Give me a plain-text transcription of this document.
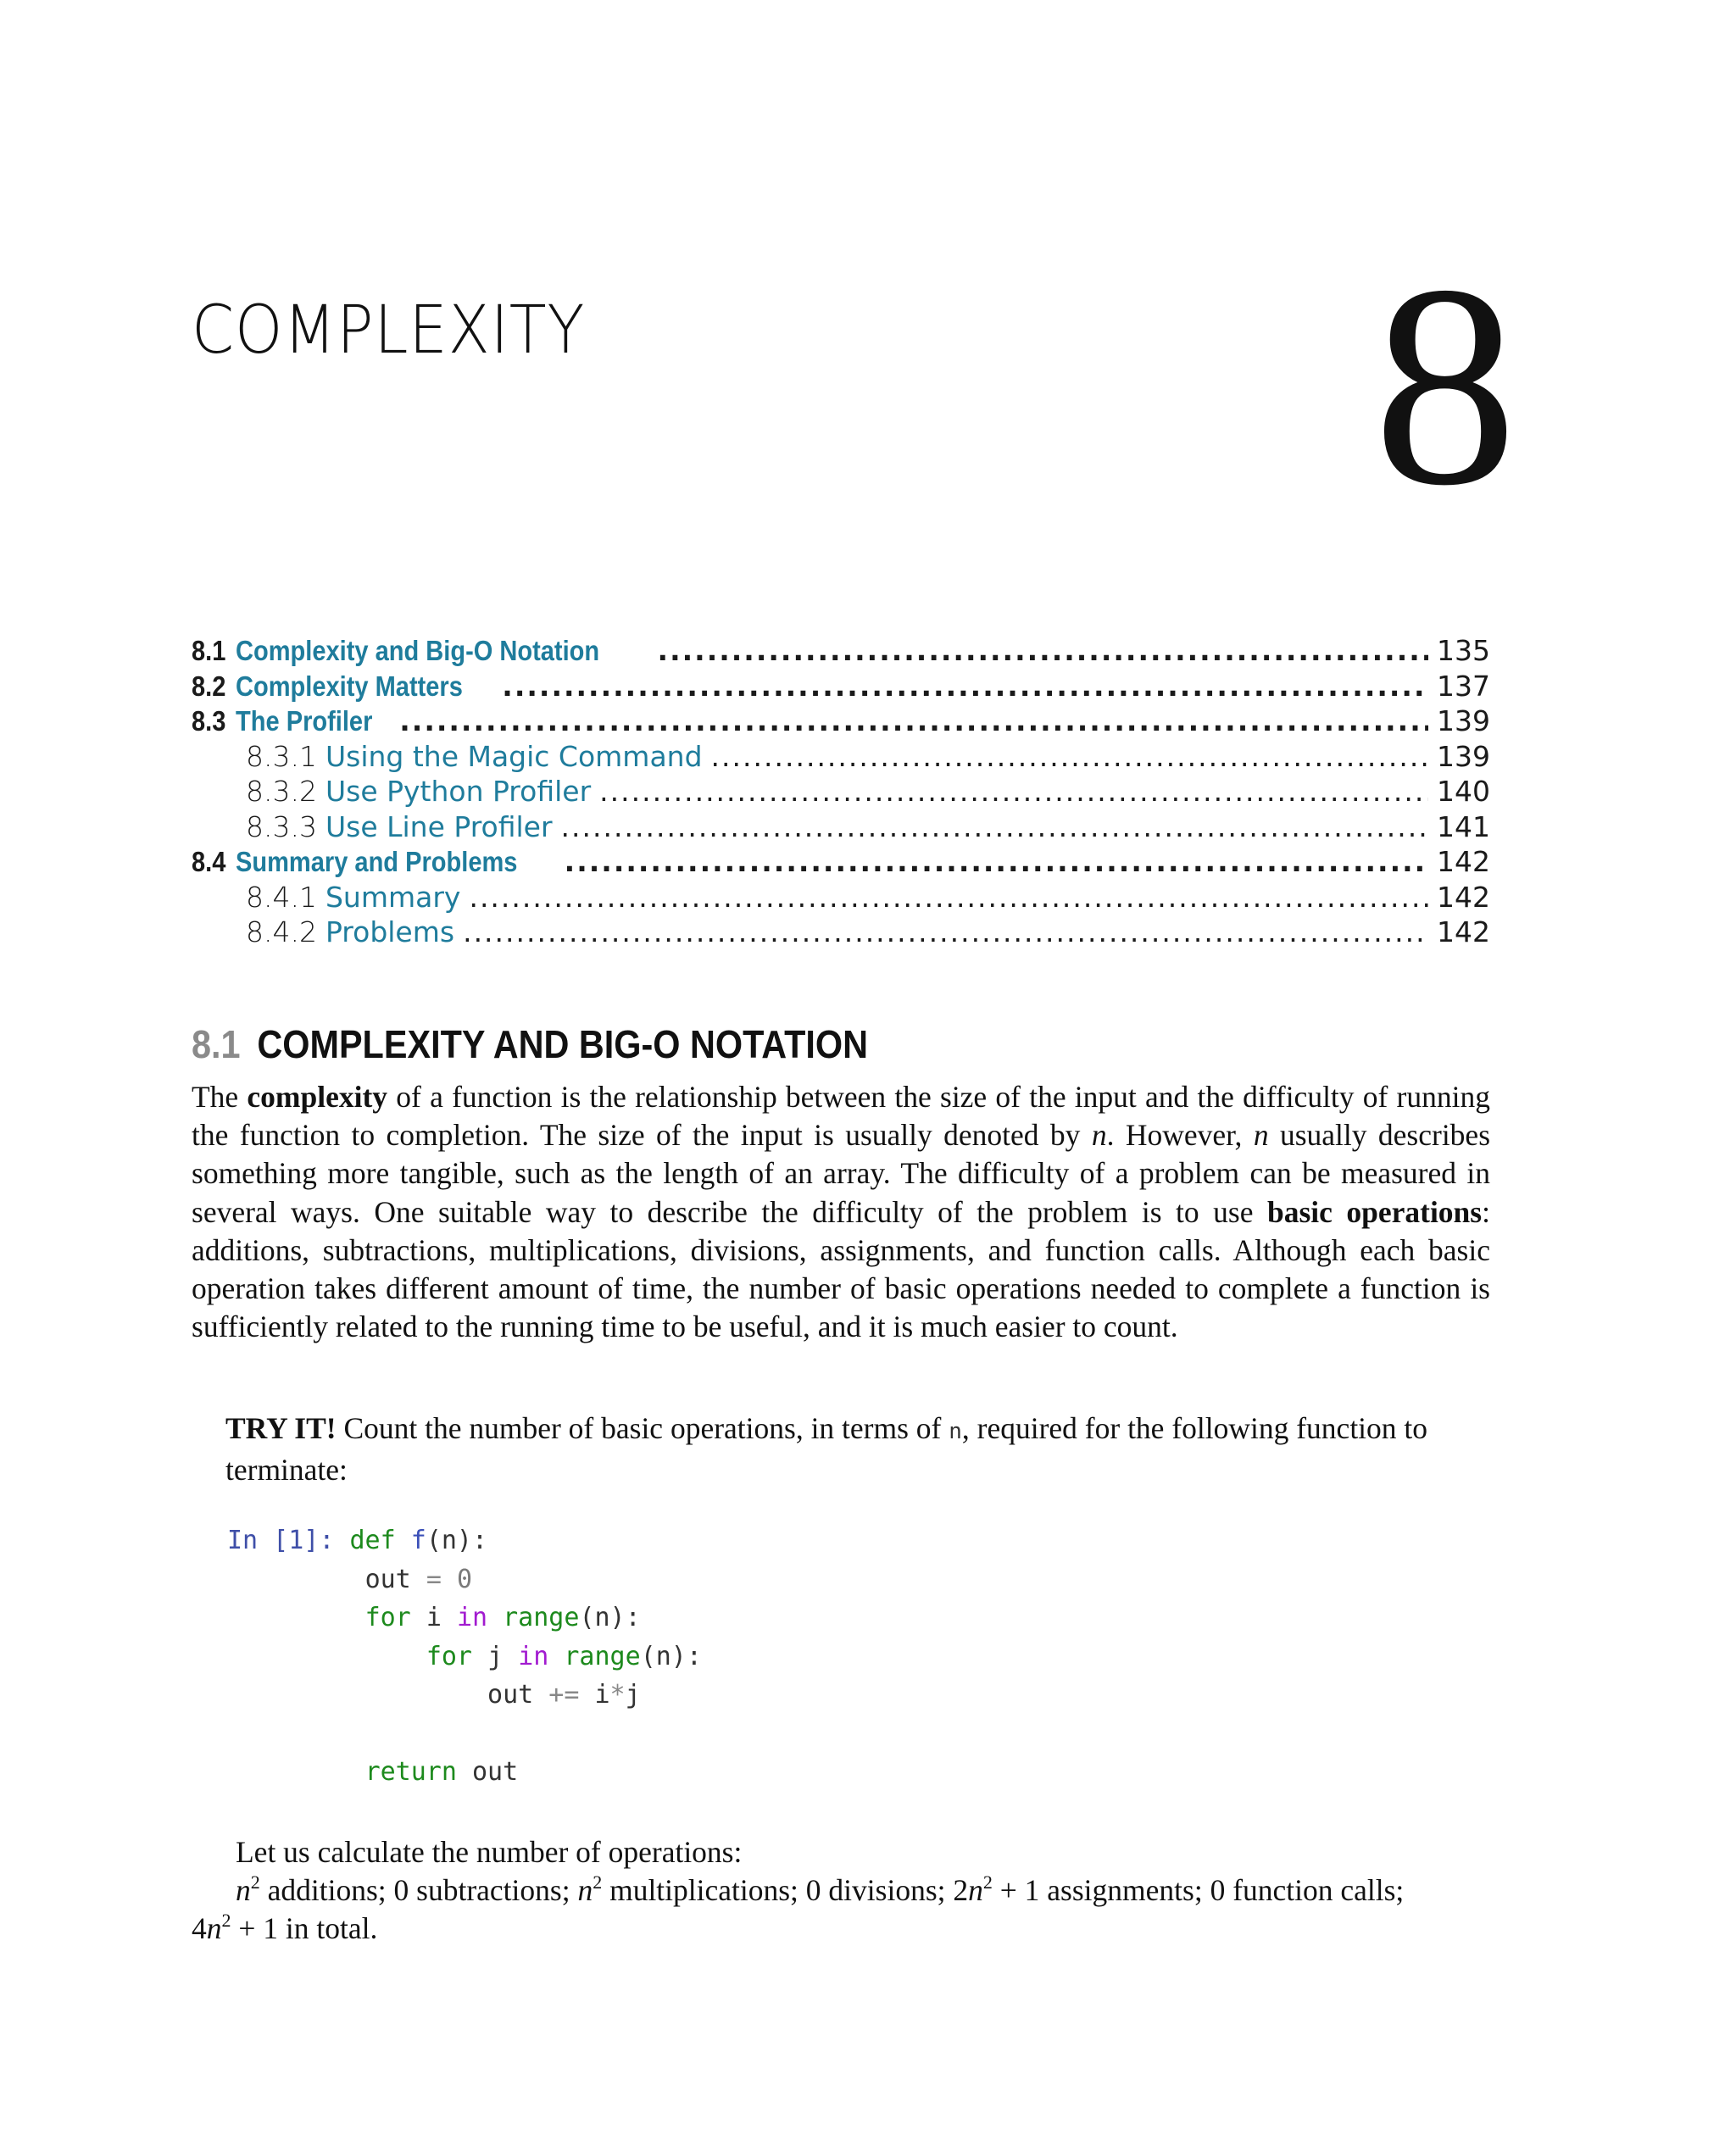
COMPLEXITY	8
8.1 Complexity and Big-O Notation .....	135
8.2 Complexity Matters .....	137
8.3 The Profiler .....	139
8.3.1 Using the Magic Command .....	139
8.3.2 Use Python Profiler .....	140
8.3.3 Use Line Profiler .....	141
8.4 Summary and Problems .....	142
8.4.1 Summary .....	142
8.4.2 Problems .....	142
8.1 COMPLEXITY AND BIG-O NOTATION
The complexity of a function is the relationship between the size of the input and the difficulty of running the function to completion. The size of the input is usually denoted by n. However, n usually describes something more tangible, such as the length of an array. The difficulty of a problem can be measured in several ways. One suitable way to describe the difficulty of the problem is to use basic operations: additions, subtractions, multiplications, divisions, assignments, and function calls. Although each basic operation takes different amount of time, the number of basic operations needed to complete a function is sufficiently related to the running time to be useful, and it is much easier to count.
TRY IT! Count the number of basic operations, in terms of n, required for the following function to terminate:
In [1]: def f(n):
out = 0
for i in range(n):
for j in range(n):
out += i*j

return out
Let us calculate the number of operations:
$n^2$ additions; 0 subtractions; $n^2$ multiplications; 0 divisions; $2n^2 + 1$ assignments; 0 function calls;
$4n^2 + 1$ in total.
